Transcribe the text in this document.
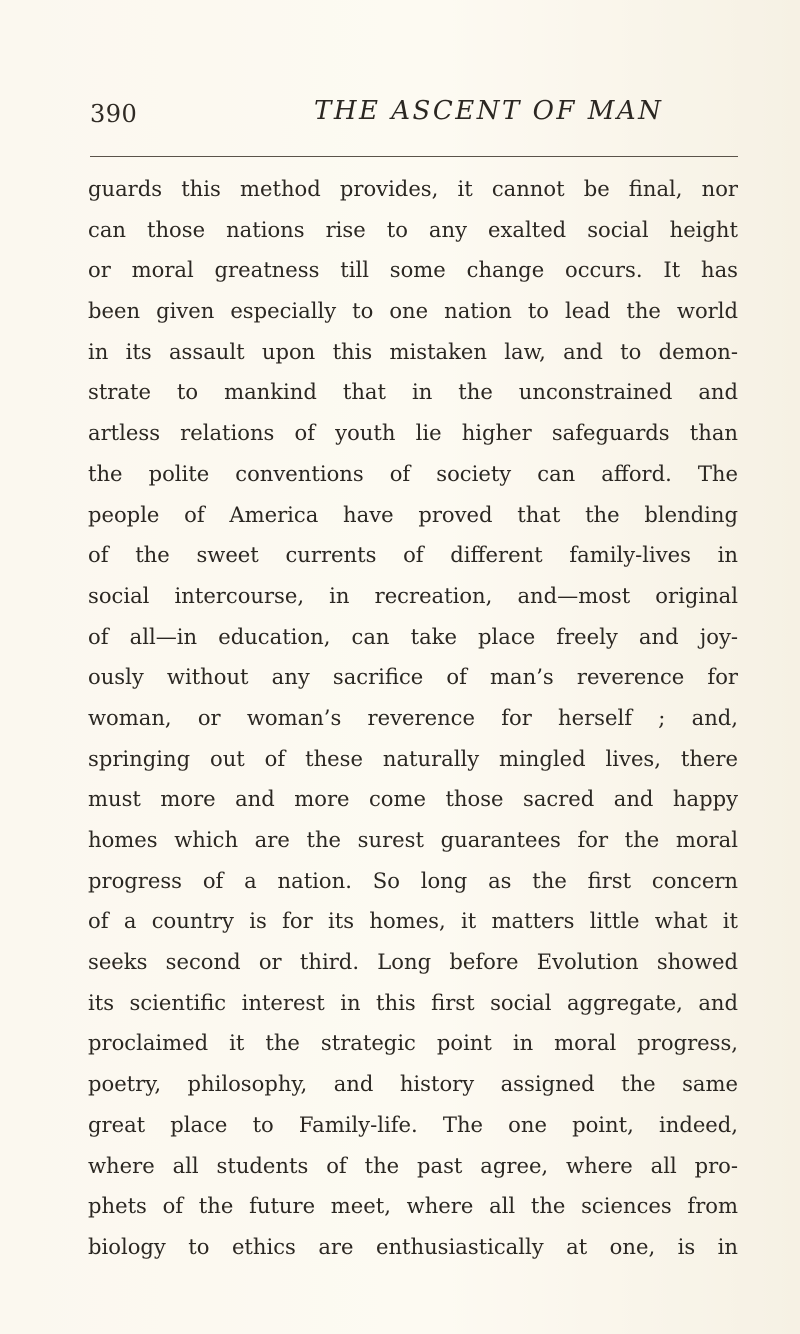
390	THE ASCENT OF MAN
guards this method provides, it cannot be final, nor
can those nations rise to any exalted social height
or moral greatness till some change occurs. It has
been given especially to one nation to lead the world
in its assault upon this mistaken law, and to demon-
strate to mankind that in the unconstrained and
artless relations of youth lie higher safeguards than
the polite conventions of society can afford. The
people of America have proved that the blending
of the sweet currents of different family-lives in
social intercourse, in recreation, and—most original
of all—in education, can take place freely and joy-
ously without any sacrifice of man’s reverence for
woman, or woman’s reverence for herself ; and,
springing out of these naturally mingled lives, there
must more and more come those sacred and happy
homes which are the surest guarantees for the moral
progress of a nation. So long as the first concern
of a country is for its homes, it matters little what it
seeks second or third. Long before Evolution showed
its scientific interest in this first social aggregate, and
proclaimed it the strategic point in moral progress,
poetry, philosophy, and history assigned the same
great place to Family-life. The one point, indeed,
where all students of the past agree, where all pro-
phets of the future meet, where all the sciences from
biology to ethics are enthusiastically at one, is in
